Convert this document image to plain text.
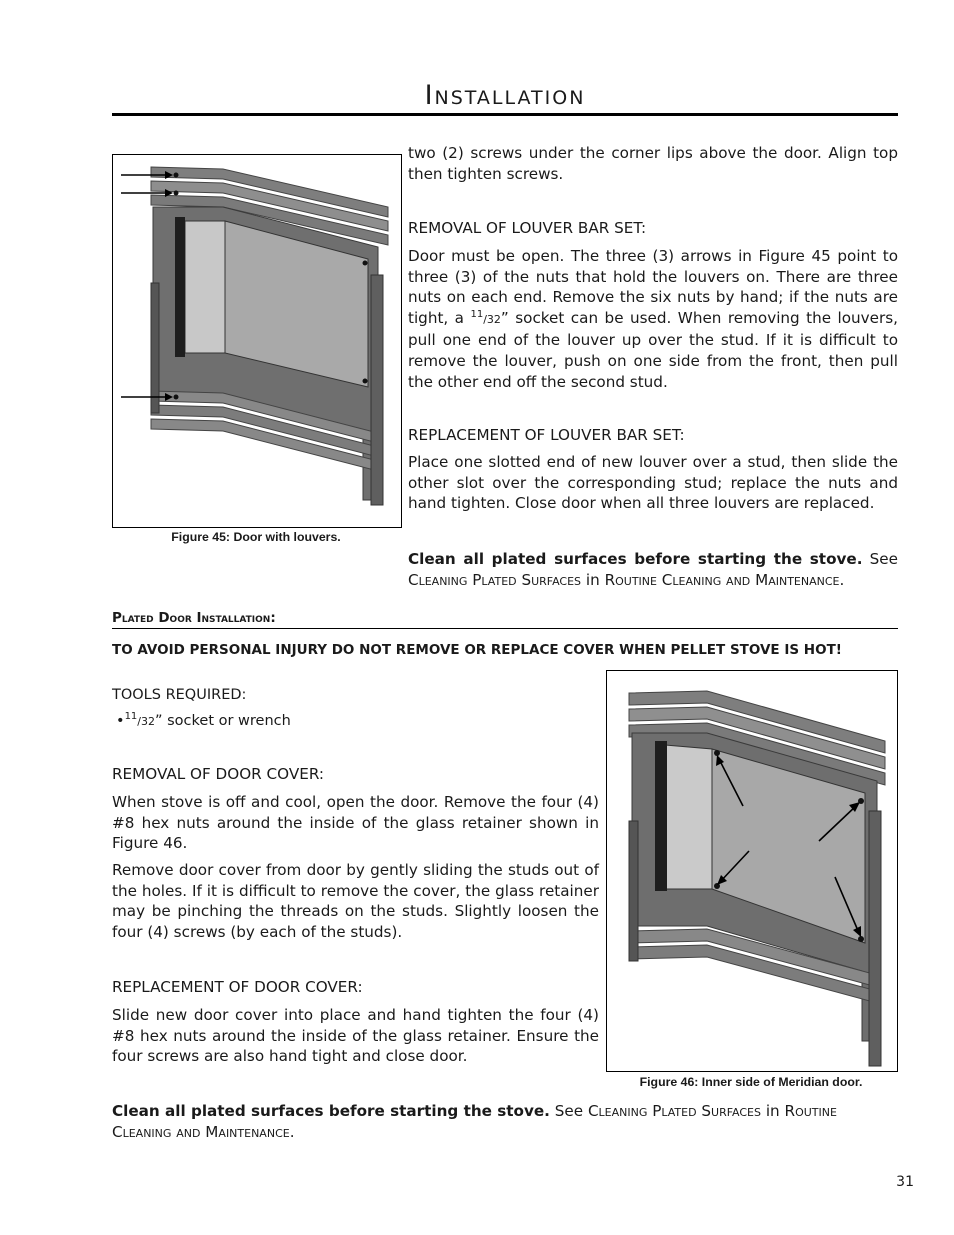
Installation
Figure 45: Door with louvers.

two (2) screws under the corner lips above the door. Align top then tighten screws.

REMOVAL OF LOUVER BAR SET:

Door must be open. The three (3) arrows in Figure 45 point to three (3) of the nuts that hold the louvers on. There are three nuts on each end. Remove the six nuts by hand; if the nuts are tight, a $^{11}$/32” socket can be used. When removing the louvers, pull one end of the louver up over the stud. If it is difficult to remove the louver, push on one side from the front, then pull the other end off the second stud.

REPLACEMENT OF LOUVER BAR SET:

Place one slotted end of new louver over a stud, then slide the other slot over the corresponding stud; replace the nuts and hand tighten. Close door when all three louvers are replaced.

Clean all plated surfaces before starting the stove. See Cleaning Plated Surfaces in Routine Cleaning and Maintenance.

Plated Door Installation:
TO AVOID PERSONAL INJURY DO NOT REMOVE OR REPLACE COVER WHEN PELLET STOVE IS HOT!
TOOLS REQUIRED:
•$^{11}$/32” socket or wrench
REMOVAL OF DOOR COVER:

When stove is off and cool, open the door. Remove the four (4) #8 hex nuts around the inside of the glass retainer shown in Figure 46.

Remove door cover from door by gently sliding the studs out of the holes. If it is difficult to remove the cover, the glass retainer may be pinching the threads on the studs. Slightly loosen the four (4) screws (by each of the studs).

REPLACEMENT OF DOOR COVER:

Slide new door cover into place and hand tighten the four (4) #8 hex nuts around the inside of the glass retainer. Ensure the four screws are also hand tight and close door.

Figure 46: Inner side of Meridian door.

Clean all plated surfaces before starting the stove. See Cleaning Plated Surfaces in Routine Cleaning and Maintenance.

31
